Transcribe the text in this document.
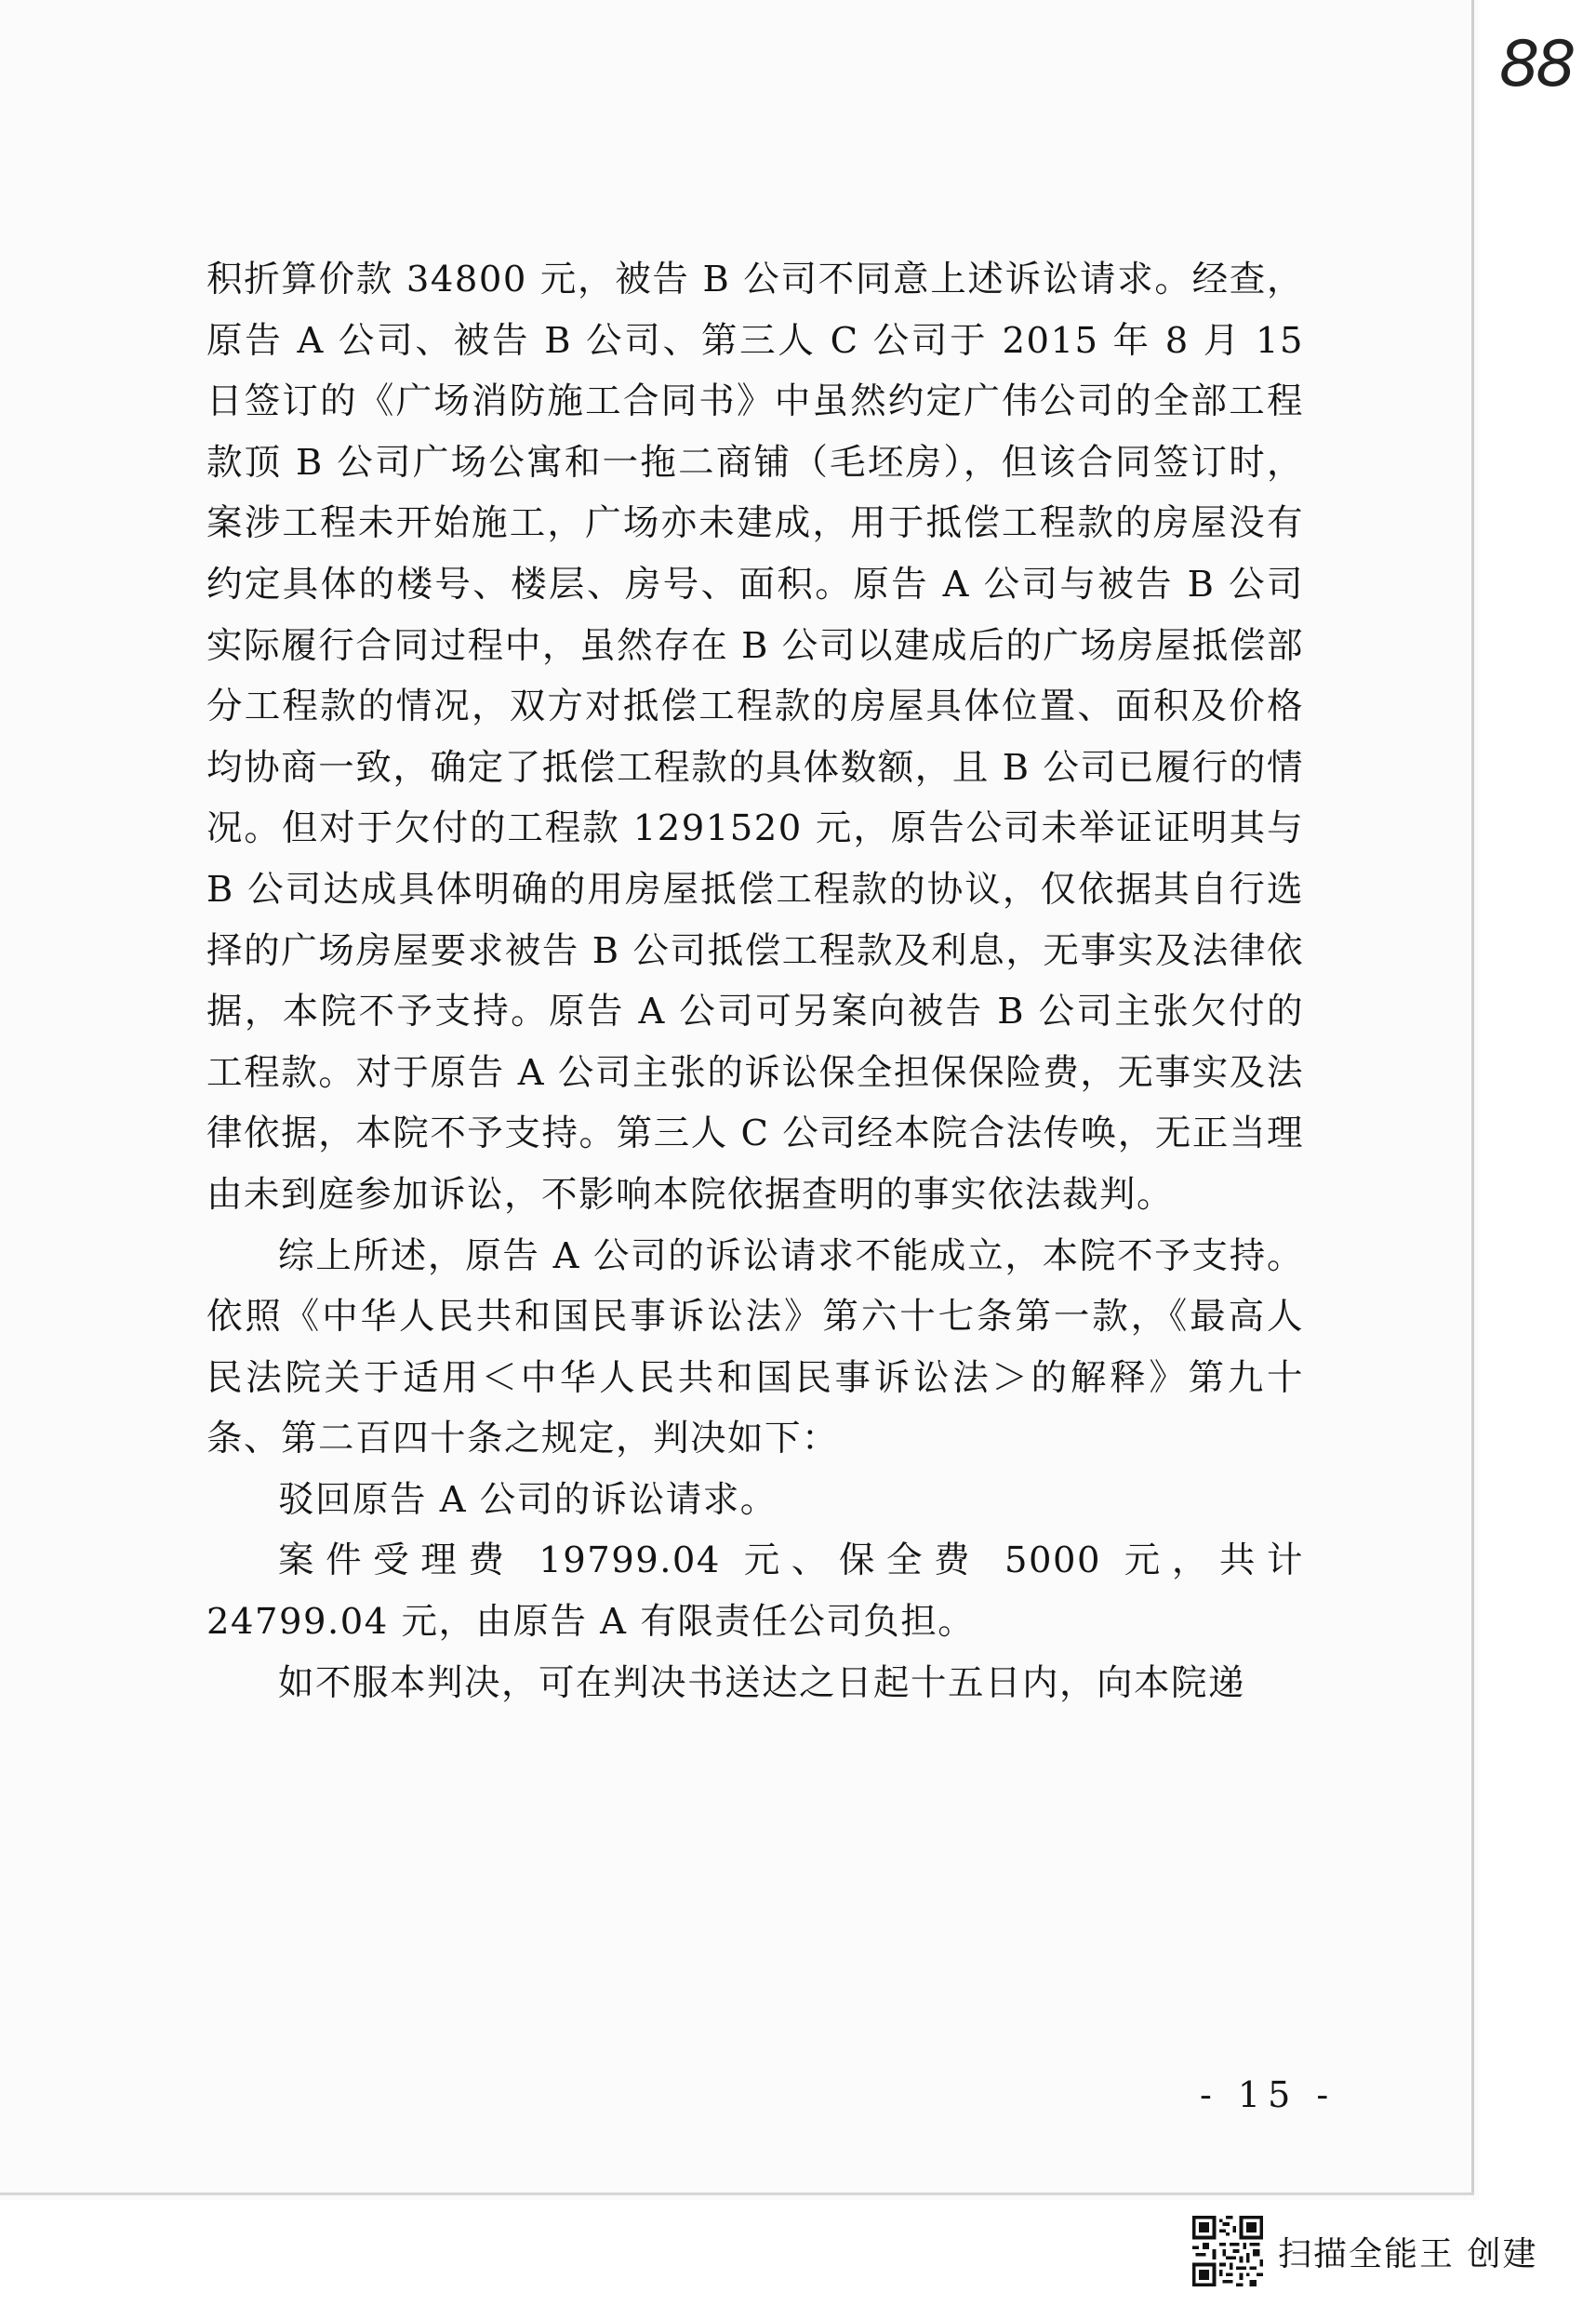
88

积折算价款 34800 元，被告 B 公司不同意上述诉讼请求。经查，原告 A 公司、被告 B 公司、第三人 C 公司于 2015 年 8 月 15 日签订的《广场消防施工合同书》中虽然约定广伟公司的全部工程款顶 B 公司广场公寓和一拖二商铺（毛坯房），但该合同签订时，案涉工程未开始施工，广场亦未建成，用于抵偿工程款的房屋没有约定具体的楼号、楼层、房号、面积。原告 A 公司与被告 B 公司实际履行合同过程中，虽然存在 B 公司以建成后的广场房屋抵偿部分工程款的情况，双方对抵偿工程款的房屋具体位置、面积及价格均协商一致，确定了抵偿工程款的具体数额，且 B 公司已履行的情况。但对于欠付的工程款 1291520 元，原告公司未举证证明其与 B 公司达成具体明确的用房屋抵偿工程款的协议，仅依据其自行选择的广场房屋要求被告 B 公司抵偿工程款及利息，无事实及法律依据，本院不予支持。原告 A 公司可另案向被告 B 公司主张欠付的工程款。对于原告 A 公司主张的诉讼保全担保保险费，无事实及法律依据，本院不予支持。第三人 C 公司经本院合法传唤，无正当理由未到庭参加诉讼，不影响本院依据查明的事实依法裁判。

综上所述，原告 A 公司的诉讼请求不能成立，本院不予支持。依照《中华人民共和国民事诉讼法》第六十七条第一款，《最高人民法院关于适用＜中华人民共和国民事诉讼法＞的解释》第九十条、第二百四十条之规定，判决如下：

驳回原告 A 公司的诉讼请求。

案件受理费 19799.04 元、保全费 5000 元，共计 24799.04 元，由原告 A 有限责任公司负担。

如不服本判决，可在判决书送达之日起十五日内，向本院递

- 15 -
扫描全能王 创建
